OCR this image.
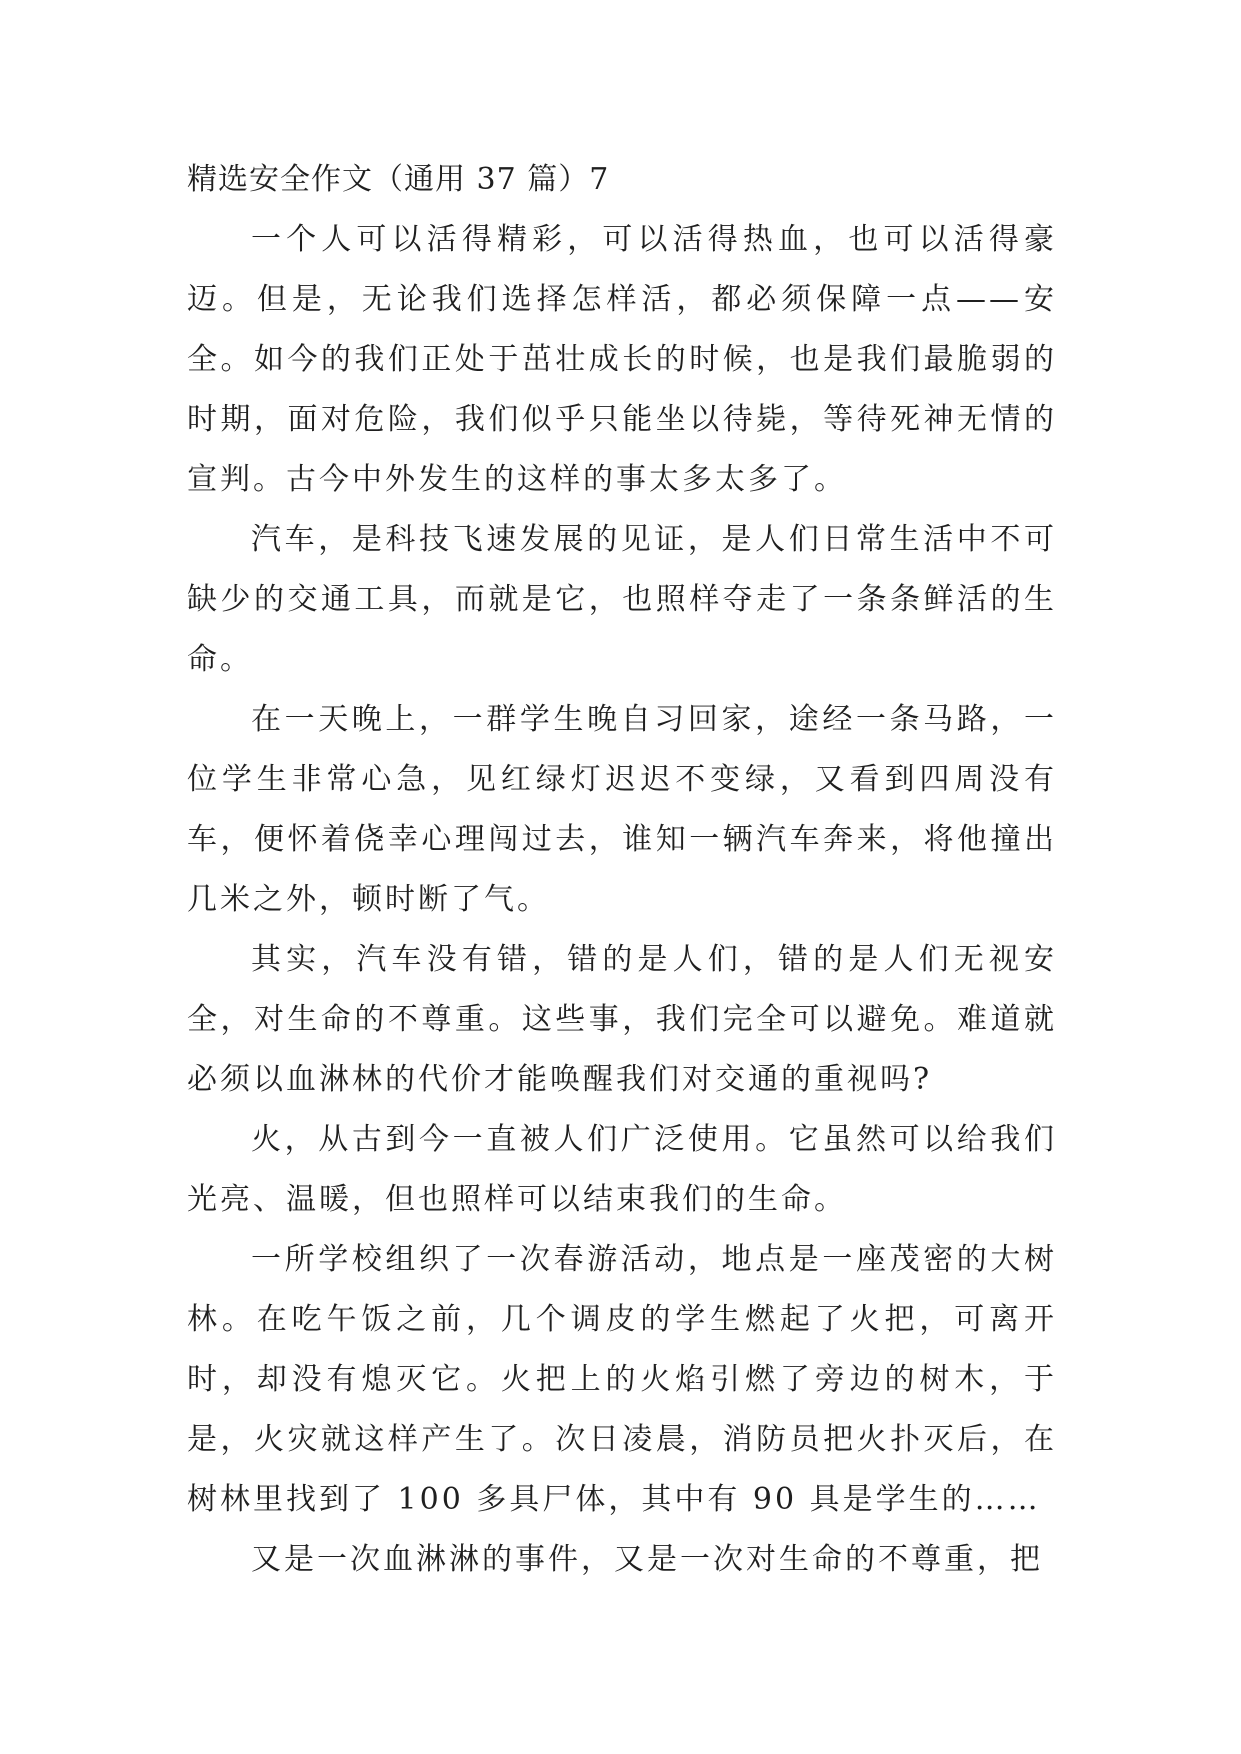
精选安全作文（通用 37 篇）7

一个人可以活得精彩，可以活得热血，也可以活得豪迈。但是，无论我们选择怎样活，都必须保障一点——安全。如今的我们正处于茁壮成长的时候，也是我们最脆弱的时期，面对危险，我们似乎只能坐以待毙，等待死神无情的宣判。古今中外发生的这样的事太多太多了。

汽车，是科技飞速发展的见证，是人们日常生活中不可缺少的交通工具，而就是它，也照样夺走了一条条鲜活的生命。

在一天晚上，一群学生晚自习回家，途经一条马路，一位学生非常心急，见红绿灯迟迟不变绿，又看到四周没有车，便怀着侥幸心理闯过去，谁知一辆汽车奔来，将他撞出几米之外，顿时断了气。

其实，汽车没有错，错的是人们，错的是人们无视安全，对生命的不尊重。这些事，我们完全可以避免。难道就必须以血淋林的代价才能唤醒我们对交通的重视吗?

火，从古到今一直被人们广泛使用。它虽然可以给我们光亮、温暖，但也照样可以结束我们的生命。

一所学校组织了一次春游活动，地点是一座茂密的大树林。在吃午饭之前，几个调皮的学生燃起了火把，可离开时，却没有熄灭它。火把上的火焰引燃了旁边的树木，于是，火灾就这样产生了。次日凌晨，消防员把火扑灭后，在树林里找到了 100 多具尸体，其中有 90 具是学生的……

又是一次血淋淋的事件，又是一次对生命的不尊重，把
